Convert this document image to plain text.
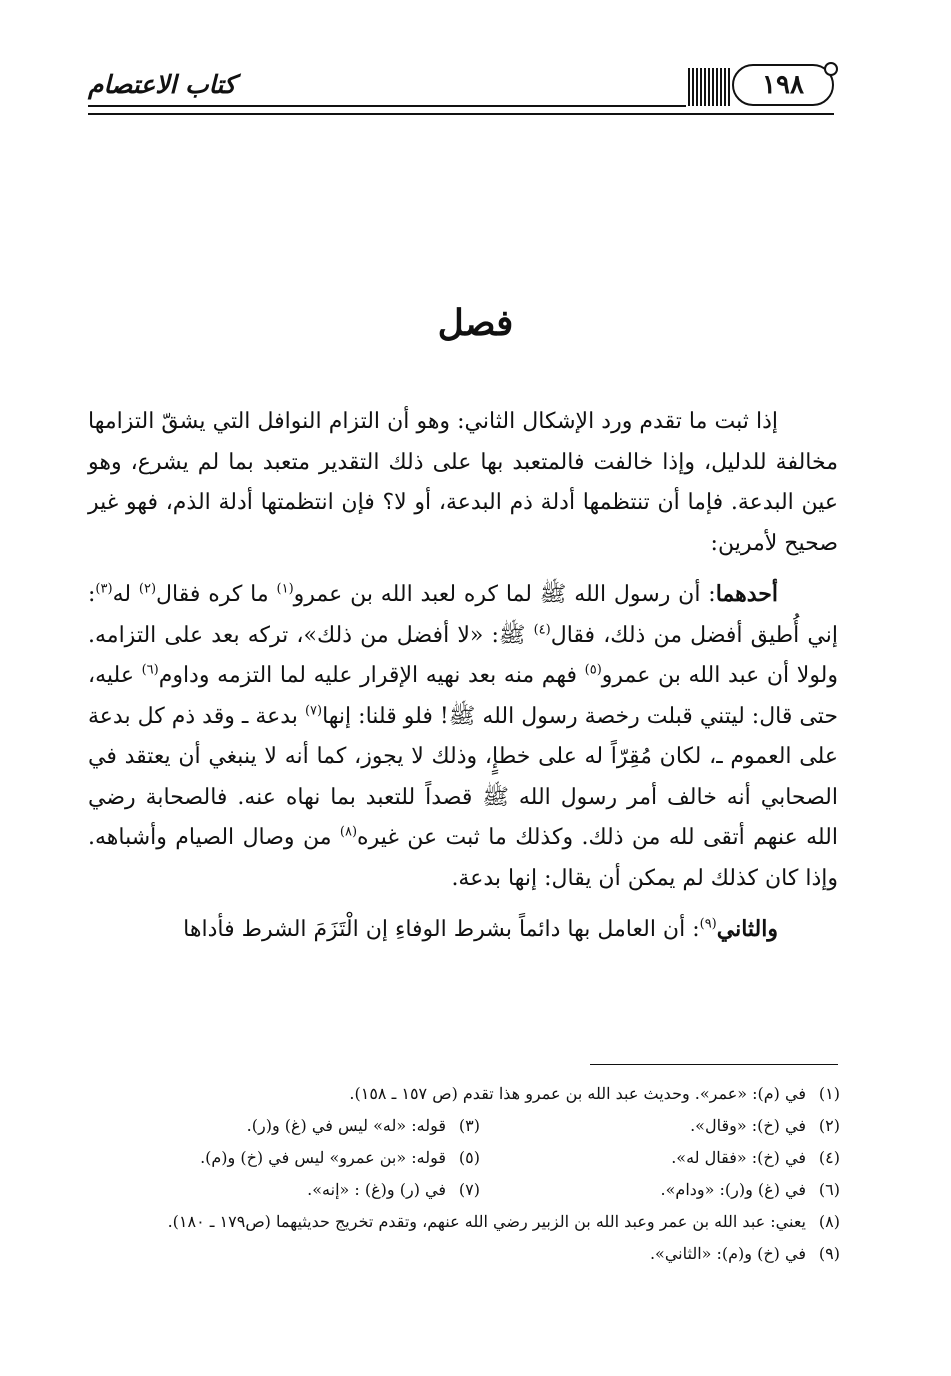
كتاب الاعتصام	١٩٨
فصل

إذا ثبت ما تقدم ورد الإشكال الثاني: وهو أن التزام النوافل التي يشقّ التزامها مخالفة للدليل، وإذا خالفت فالمتعبد بها على ذلك التقدير متعبد بما لم يشرع، وهو عين البدعة. فإما أن تنتظمها أدلة ذم البدعة، أو لا؟ فإن انتظمتها أدلة الذم، فهو غير صحيح لأمرين:

أحدهما: أن رسول الله ﷺ لما كره لعبد الله بن عمرو$^{(١)}$ ما كره فقال$^{(٢)}$ له$^{(٣)}$: إني أُطيق أفضل من ذلك، فقال$^{(٤)}$ ﷺ: «لا أفضل من ذلك»، تركه بعد على التزامه. ولولا أن عبد الله بن عمرو$^{(٥)}$ فهم منه بعد نهيه الإقرار عليه لما التزمه وداوم$^{(٦)}$ عليه، حتى قال: ليتني قبلت رخصة رسول الله ﷺ! فلو قلنا: إنها$^{(٧)}$ بدعة ـ وقد ذم كل بدعة على العموم ـ، لكان مُقِرّاً له على خطإٍ، وذلك لا يجوز، كما أنه لا ينبغي أن يعتقد في الصحابي أنه خالف أمر رسول الله ﷺ قصداً للتعبد بما نهاه عنه. فالصحابة رضي الله عنهم أتقى لله من ذلك. وكذلك ما ثبت عن غيره$^{(٨)}$ من وصال الصيام وأشباهه. وإذا كان كذلك لم يمكن أن يقال: إنها بدعة.

والثاني$^{(٩)}$: أن العامل بها دائماً بشرط الوفاءِ إن الْتَزَمَ الشرط فأداها

(١)في (م): «عمر». وحديث عبد الله بن عمرو هذا تقدم (ص ١٥٧ ـ ١٥٨).
(٢)في (خ): «وقال».
(٣)قوله: «له» ليس في (غ) و(ر).
(٤)في (خ): «فقال له».
(٥)قوله: «بن عمرو» ليس في (خ) و(م).
(٦)في (غ) و(ر): «ودام».
(٧)في (ر) و(غ) : «إنه».
(٨)يعني: عبد الله بن عمر وعبد الله بن الزبير رضي الله عنهم، وتقدم تخريج حديثيهما (ص١٧٩ ـ ١٨٠).
(٩)في (خ) و(م): «الثاني».
